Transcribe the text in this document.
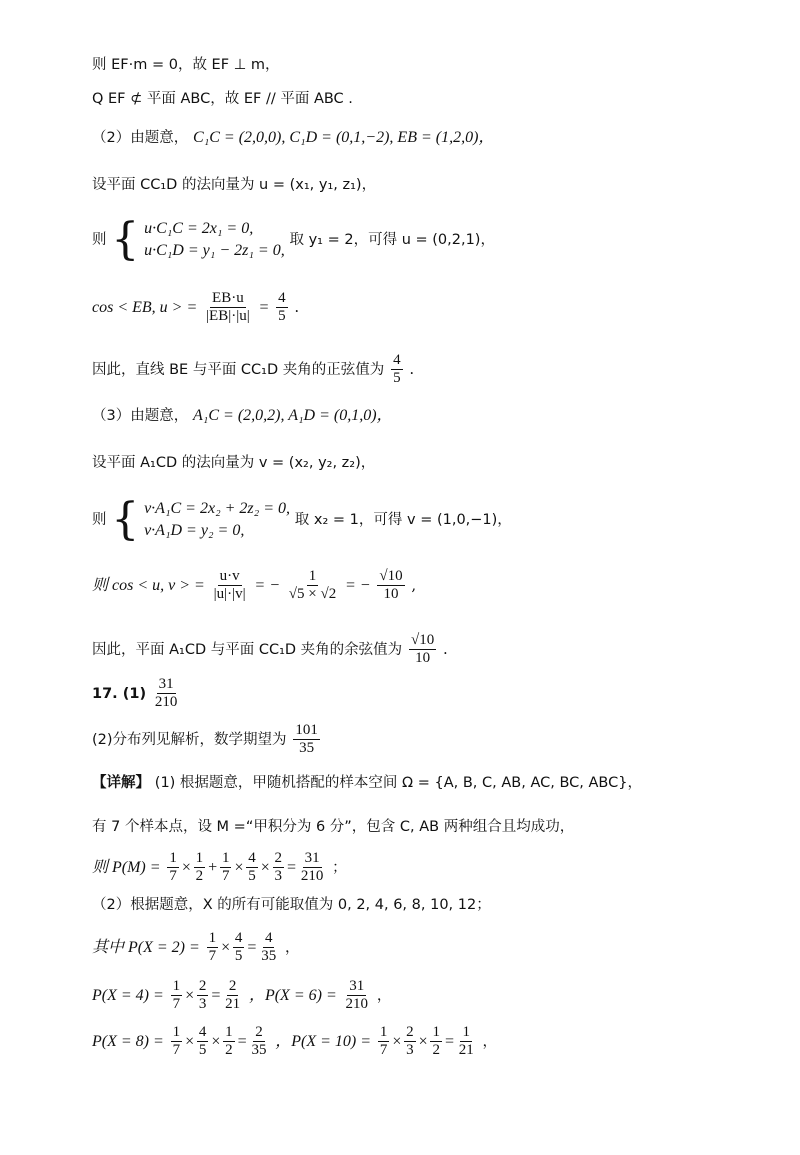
则 EF·m = 0，故 EF ⊥ m，
Q EF ⊄ 平面 ABC，故 EF // 平面 ABC .
（2）由题意， C₁C = (2,0,0), C₁D = (0,1,−2), EB = (1,2,0)，
设平面 CC₁D 的法向量为 u = (x₁, y₁, z₁)，
则 { u·C₁C = 2x₁ = 0,
u·C₁D = y₁ − 2z₁ = 0,
取 y₁ = 2，可得 u = (0,2,1)，
cos < EB, u > = $\frac{EB\cdot u}{|EB|\cdot|u|} = \frac{4}{5}$ .
因此，直线 BE 与平面 CC₁D 夹角的正弦值为 $\frac{4}{5}$ .
（3）由题意， A₁C = (2,0,2), A₁D = (0,1,0)，
设平面 A₁CD 的法向量为 v = (x₂, y₂, z₂)，
则 { v·A₁C = 2x₂ + 2z₂ = 0,
v·A₁D = y₂ = 0,
取 x₂ = 1，可得 v = (1,0,−1)，
则 cos < u, v > = $\frac{u\cdot v}{|u|\cdot|v|}$ = − $\frac{1}{√5 \times √2}$ = − $\frac{√10}{10}$ ,
因此，平面 A₁CD 与平面 CC₁D 夹角的余弦值为 $\frac{√10}{10}$ .
17. $(1) \frac{31}{210}$
(2)分布列见解析，数学期望为 $\frac{101}{35}$
【详解】 (1) 根据题意，甲随机搭配的样本空间 Ω = {A, B, C, AB, AC, BC, ABC}，
有 7 个样本点，设 M =“甲积分为 6 分”，包含 C, AB 两种组合且均成功，
则 $P(M) = \frac{1}{7} \times \frac{1}{2} + \frac{1}{7} \times \frac{4}{5} \times \frac{2}{3} = \frac{31}{210}$ ；
（2）根据题意，X 的所有可能取值为 0, 2, 4, 6, 8, 10, 12；
其中 $P(X = 2) = \frac{1}{7} \times \frac{4}{5} = \frac{4}{35}$ ，
$P(X = 4) = \frac{1}{7} \times \frac{2}{3} = \frac{2}{21}$ ，$P(X = 6) = \frac{31}{210}$ ，
$P(X = 8) = \frac{1}{7} \times \frac{4}{5} \times \frac{1}{2} = \frac{2}{35}$ ，$P(X = 10) = \frac{1}{7} \times \frac{2}{3} \times \frac{1}{2} = \frac{1}{21}$ ，
